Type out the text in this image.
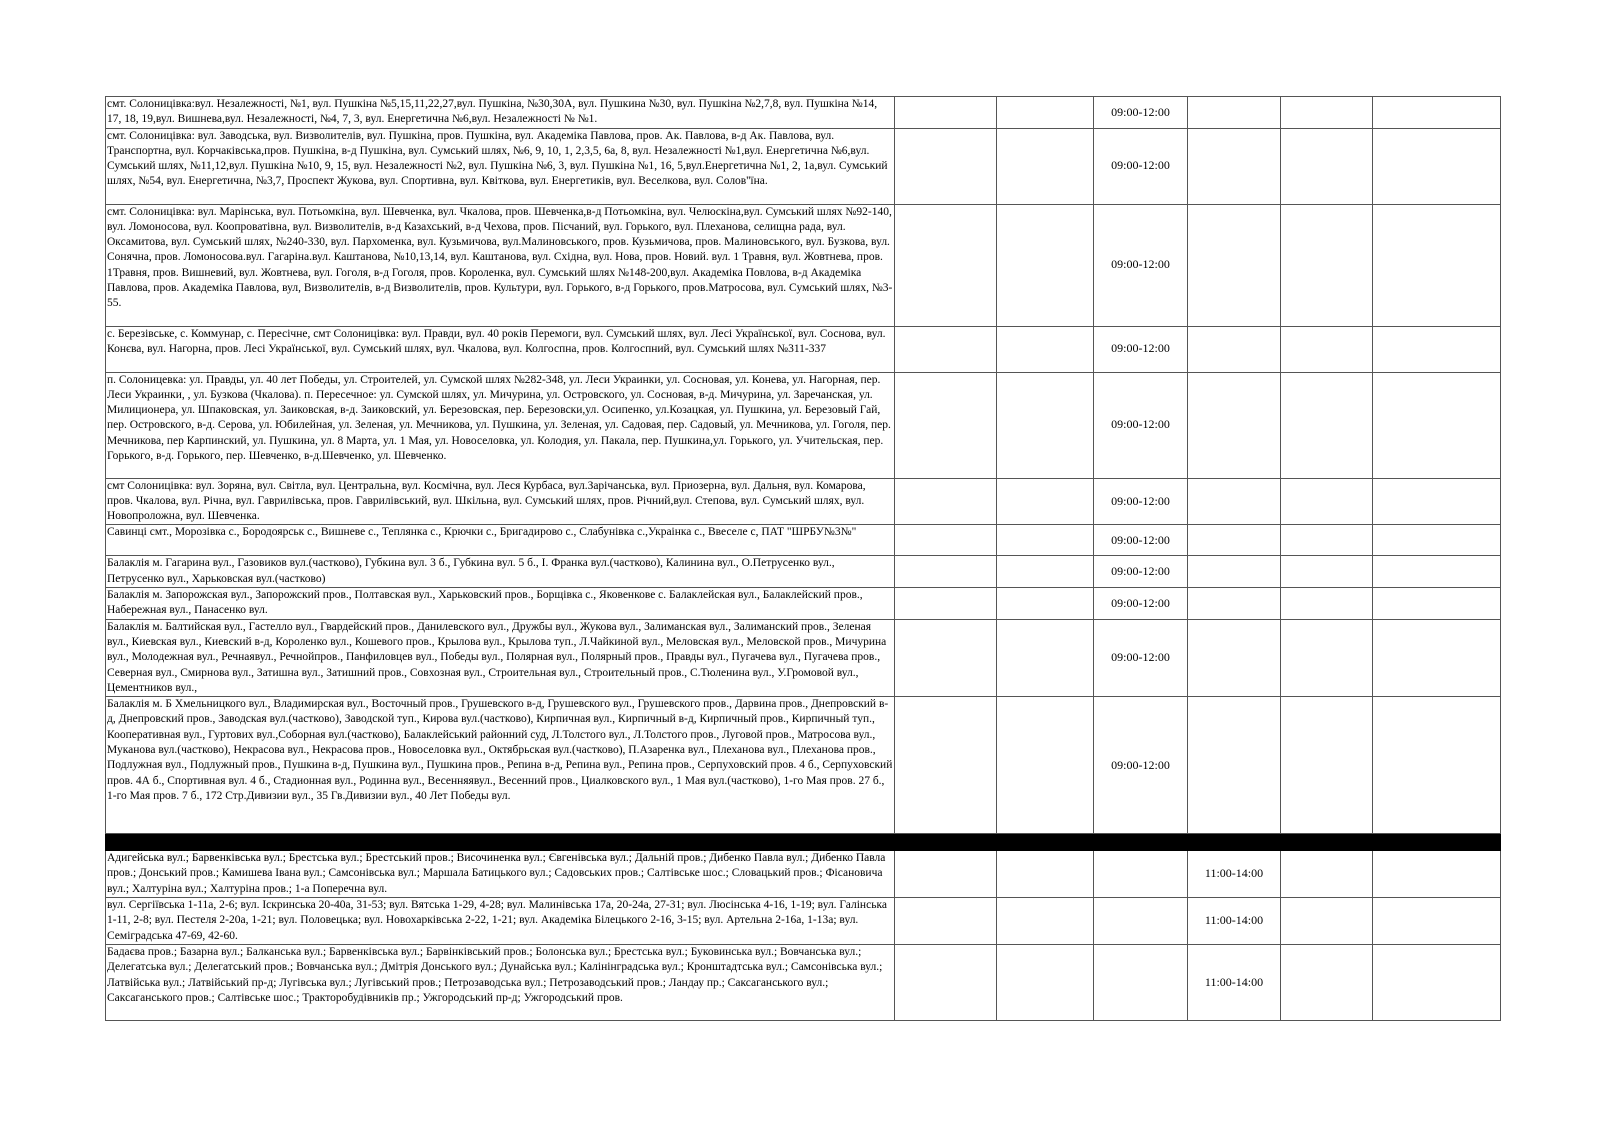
смт. Солоницівка:вул. Незалежності, №1, вул. Пушкіна №5,15,11,22,27,вул. Пушкіна, №30,30А, вул. Пушкина №30, вул. Пушкіна №2,7,8, вул. Пушкіна №14, 17, 18, 19,вул. Вишнева,вул. Незалежності, №4, 7, 3, вул. Енергетична №6,вул. Незалежності № №1.			09:00-12:00			
смт. Солоницівка: вул. Заводська, вул. Визволителів, вул. Пушкіна, пров. Пушкіна, вул. Академіка Павлова, пров. Ак. Павлова, в-д Ак. Павлова, вул. Транспортна, вул. Корчаківська,пров. Пушкіна, в-д Пушкіна, вул. Сумський шлях, №6, 9, 10, 1, 2,3,5, 6а, 8, вул. Незалежності №1,вул. Енергетична №6,вул. Сумський шлях, №11,12,вул. Пушкіна №10, 9, 15, вул. Незалежності №2, вул. Пушкіна №6, 3, вул. Пушкіна №1, 16, 5,вул.Енергетична №1, 2, 1а,вул. Сумський шлях, №54, вул. Енергетична, №3,7, Проспект Жукова, вул. Спортивна, вул. Квіткова, вул. Енергетиків, вул. Веселкова, вул. Солов''їна.			09:00-12:00			
смт. Солоницівка: вул. Марінська, вул. Потьомкіна, вул. Шевченка, вул. Чкалова, пров. Шевченка,в-д Потьомкіна, вул. Челюскіна,вул. Сумський шлях №92-140, вул. Ломоносова, вул. Коопроватівна, вул. Визволителів, в-д Казахський, в-д Чехова, пров. Пісчаний, вул. Горького, вул. Плеханова, селищна рада, вул. Оксамитова, вул. Сумський шлях, №240-330, вул. Пархоменка, вул. Кузьмичова, вул.Малиновського, пров. Кузьмичова, пров. Малиновського, вул. Бузкова, вул. Сонячна, пров. Ломоносова.вул. Гагаріна.вул. Каштанова, №10,13,14, вул. Каштанова, вул. Східна, вул. Нова, пров. Новий. вул. 1 Травня, вул. Жовтнева, пров. 1Травня, пров. Вишневий, вул. Жовтнева, вул. Гоголя, в-д Гоголя, пров. Короленка, вул. Сумський шлях №148-200,вул. Академіка Повлова, в-д Академіка Павлова, пров. Академіка Павлова, вул, Визволителів, в-д Визволителів, пров. Культури, вул. Горького, в-д Горького, пров.Матросова, вул. Сумський шлях, №3-55.			09:00-12:00			
с. Березівське, с. Коммунар, с. Пересічне, смт Солоницівка: вул. Правди, вул. 40 років Перемоги, вул. Сумський шлях, вул. Лесі Української, вул. Соснова, вул. Конєва, вул. Нагорна, пров. Лесі Української, вул. Сумський шлях, вул. Чкалова, вул. Колгоспна, пров. Колгоспний, вул. Сумський шлях №311-337			09:00-12:00			
п. Солоницевка: ул. Правды, ул. 40 лет Победы, ул. Строителей, ул. Сумской шлях №282-348, ул. Леси Украинки, ул. Сосновая, ул. Конева, ул. Нагорная, пер. Леси Украинки, , ул. Бузкова (Чкалова). п. Пересечное: ул. Сумской шлях, ул. Мичурина, ул. Островского, ул. Сосновая, в-д. Мичурина, ул. Заречанская, ул. Милиционера, ул. Шпаковская, ул. Заиковская, в-д. Заиковский, ул. Березовская, пер. Березовски,ул. Осипенко, ул.Козацкая, ул. Пушкина, ул. Березовый Гай, пер. Островского, в-д. Серова, ул. Юбилейная, ул. Зеленая, ул. Мечникова, ул. Пушкина, ул. Зеленая, ул. Садовая, пер. Садовый, ул. Мечникова, ул. Гоголя, пер. Мечникова, пер Карпинский, ул. Пушкина, ул. 8 Марта, ул. 1 Мая, ул. Новоселовка, ул. Колодия, ул. Пакала, пер. Пушкина,ул. Горького, ул. Учительская, пер. Горького, в-д. Горького, пер. Шевченко, в-д.Шевченко, ул. Шевченко.			09:00-12:00			
смт Солоницівка: вул. Зоряна, вул. Світла, вул. Центральна, вул. Космічна, вул. Леся Курбаса, вул.Зарічанська, вул. Приозерна, вул. Дальня, вул. Комарова, пров. Чкалова, вул. Річна, вул. Гаврилівська, пров. Гаврилівський, вул. Шкільна, вул. Сумський шлях, пров. Річний,вул. Степова, вул. Сумський шлях, вул. Новопроложна, вул. Шевченка.			09:00-12:00			
Савинці смт., Морозівка с., Бородоярськ с., Вишневе с., Теплянка с., Крючки с., Бригадирово с., Слабунівка с.,Украінка с., Ввеселе с, ПАТ "ШРБУ№3№"			09:00-12:00			
Балаклія м. Гагарина вул., Газовиков вул.(частково), Губкина вул. 3 б., Губкина вул. 5 б., І. Франка вул.(частково), Калинина вул., О.Петрусенко вул., Петрусенко вул., Харьковская вул.(частково)			09:00-12:00			
Балаклія м. Запорожская вул., Запорожский пров., Полтавская вул., Харьковский пров., Борщівка с., Яковенкове с. Балаклейская вул., Балаклейский пров., Набережная вул., Панасенко вул.			09:00-12:00			
Балаклія м. Балтийская вул., Гастелло вул., Гвардейский пров., Данилевского вул., Дружбы вул., Жукова вул., Залиманская вул., Залиманский пров., Зеленая вул., Киевская вул., Киевский в-д, Короленко вул., Кошевого пров., Крылова вул., Крылова туп., Л.Чайкиной вул., Меловская вул., Меловской пров., Мичурина вул., Молодежная вул., Речнаявул., Речнойпров., Панфиловцев вул., Победы вул., Полярная вул., Полярный пров., Правды вул., Пугачева вул., Пугачева пров., Северная вул., Смирнова вул., Затишна вул., Затишний пров., Совхозная вул., Строительная вул., Строительный пров., С.Тюленина вул., У.Громовой вул., Цементников вул.,			09:00-12:00			
Балаклія м. Б Хмельницкого вул., Владимирская вул., Восточный пров., Грушевского в-д, Грушевского вул., Грушевского пров., Дарвина пров., Днепровский в-д, Днепровский пров., Заводская вул.(частково), Заводской туп., Кирова вул.(частково), Кирпичная вул., Кирпичный в-д, Кирпичный пров., Кирпичный туп., Кооперативная вул., Гуртових вул.,Соборная вул.(частково), Балаклейський районний суд, Л.Толстого вул., Л.Толстого пров., Луговой пров., Матросова вул., Муканова вул.(частково), Некрасова вул., Некрасова пров., Новоселовка вул., Октябрьская вул.(частково), П.Азаренка вул., Плеханова вул., Плеханова пров., Подлужная вул., Подлужный пров., Пушкина в-д, Пушкина вул., Пушкина пров., Репина в-д, Репина вул., Репина пров., Серпуховский пров. 4 б., Серпуховский пров. 4А б., Спортивная вул. 4 б., Стадионная вул., Родинна вул., Весенняявул., Весенний пров., Циалковского вул., 1 Мая вул.(частково), 1-го Мая пров. 27 б., 1-го Мая пров. 7 б., 172 Стр.Дивизии вул., 35 Гв.Дивизии вул., 40 Лет Победы вул.			09:00-12:00			

Адигейська вул.; Барвенківська вул.; Брестська вул.; Брестський пров.; Височиненка вул.; Євгенівська вул.; Дальній пров.; Дибенко Павла вул.; Дибенко Павла пров.; Донський пров.; Камишева Івана вул.; Самсонівська вул.; Маршала Батицького вул.; Садовських пров.; Салтівське шос.; Словацький пров.; Фісановича вул.; Халтуріна вул.; Халтуріна пров.; 1-а Поперечна вул.				11:00-14:00		
вул. Сергіївська 1-11а, 2-6; вул. Іскринська 20-40а, 31-53; вул. Вятська 1-29, 4-28; вул. Малинівська 17а, 20-24а, 27-31; вул. Люсінська 4-16, 1-19; вул. Галінська 1-11, 2-8; вул. Пестеля 2-20а, 1-21; вул. Половецька; вул. Новохарківська 2-22, 1-21; вул. Академіка Білецького 2-16, 3-15; вул. Артельна 2-16а, 1-13а; вул. Семіградська 47-69, 42-60.				11:00-14:00		
Бадаєва пров.; Базарна вул.; Балканська вул.; Барвенківська вул.; Барвінківський пров.; Болонська вул.; Брестська вул.; Буковинська вул.; Вовчанська вул.; Делегатська вул.; Делегатський пров.; Вовчанська вул.; Дмітрія Донського вул.; Дунайська вул.; Калінінградська вул.; Кронштадтська вул.; Самсонівська вул.; Латвійська вул.; Латвійський пр-д; Лугівська вул.; Лугівський пров.; Петрозаводська вул.; Петрозаводський пров.; Ландау пр.; Саксаганського вул.; Саксаганського пров.; Салтівське шос.; Тракторобудівників пр.; Ужгородський пр-д; Ужгородський пров.				11:00-14:00		
